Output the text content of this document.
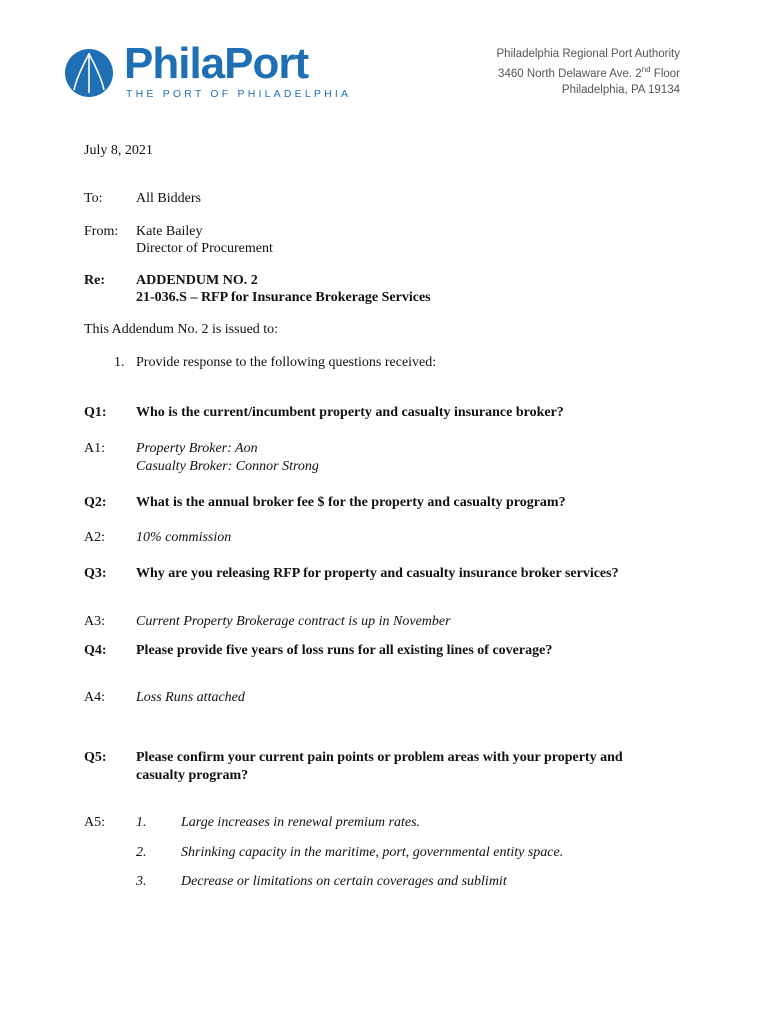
PhilaPort
THE PORT OF PHILADELPHIA
Philadelphia Regional Port Authority
3460 North Delaware Ave. 2nd Floor
Philadelphia, PA 19134
July 8, 2021
To: All Bidders
From: Kate Bailey
Director of Procurement
Re: ADDENDUM NO. 2
21-036.S – RFP for Insurance Brokerage Services
This Addendum No. 2 is issued to:
1. Provide response to the following questions received:
Q1: Who is the current/incumbent property and casualty insurance broker?
A1: Property Broker: Aon
Casualty Broker: Connor Strong
Q2: What is the annual broker fee $ for the property and casualty program?
A2: 10% commission
Q3: Why are you releasing RFP for property and casualty insurance broker services?
A3: Current Property Brokerage contract is up in November
Q4: Please provide five years of loss runs for all existing lines of coverage?
A4: Loss Runs attached
Q5: Please confirm your current pain points or problem areas with your property and
casualty program?
A5: 1. Large increases in renewal premium rates.
2. Shrinking capacity in the maritime, port, governmental entity space.
3. Decrease or limitations on certain coverages and sublimit
